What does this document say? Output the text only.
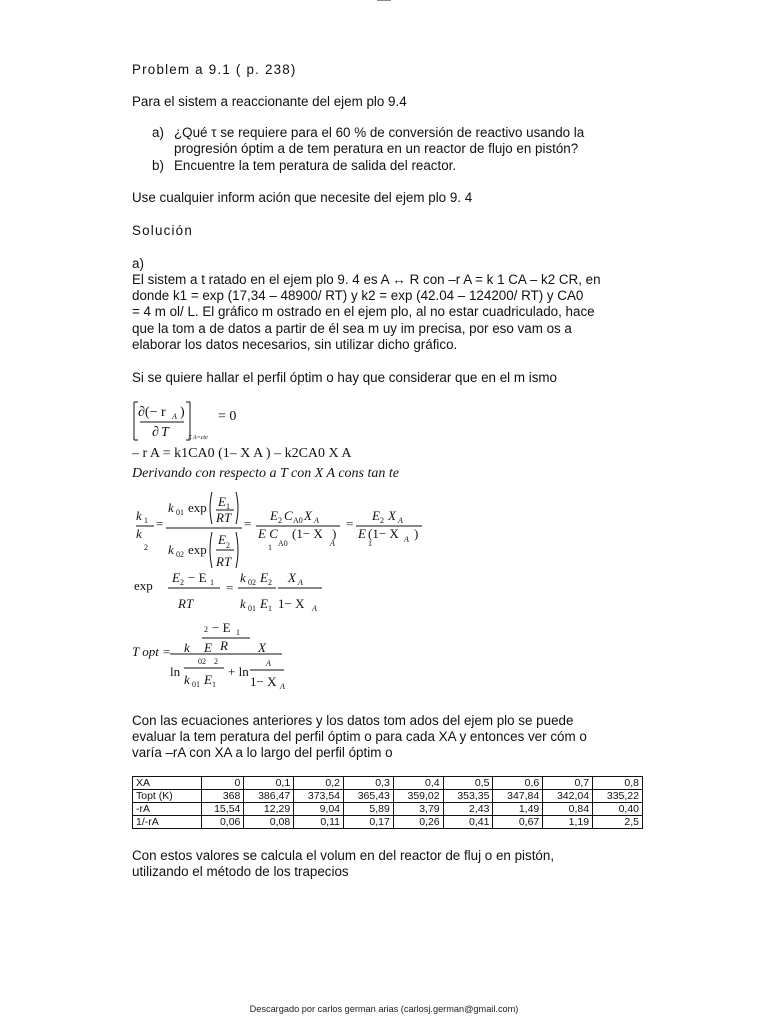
Problem a 9.1 ( p. 238)
Para el sistem a reaccionante del ejem plo 9.4
a) ¿Qué τ se requiere para el 60 % de conversión de reactivo usando la
progresión óptim a de tem peratura en un reactor de flujo en pistón?
b) Encuentre la tem peratura de salida del reactor.
Use cualquier inform ación que necesite del ejem plo 9. 4
Solución
a)
El sistem a t ratado en el ejem plo 9. 4 es A ↔ R con –r A = k 1 CA – k2 CR, en
donde k1 = exp (17,34 – 48900/ RT) y k2 = exp (42.04 – 124200/ RT) y CA0
= 4 m ol/ L. El gráfico m ostrado en el ejem plo, al no estar cuadriculado, hace
que la tom a de datos a partir de él sea m uy im precisa, por eso vam os a
elaborar los datos necesarios, sin utilizar dicho gráfico.
Si se quiere hallar el perfil óptim o hay que considerar que en el m ismo
∂(− r A )
∂ T	X A=cte
= 0
– r A = k1CA0 (1– X A ) – k2CA0 X A
Derivando con respecto a T con X A cons tan te
k 1
k
2
=
k 01 exp E 1
RT
k 02 exp
E 2
RT
=
E 2 C A0 X A
E C
1 A0
(1− X
A
)
=
E 2 X A
E (1− X
1	A )
exp
E 2 − E 1
RT
=
k 02 E 2
k 01 E 1
X A
1− X A
T opt =
2 − E 1
R
k E	X
ln
02 2
k 01 E 1
+ ln
A
1− X A
Con las ecuaciones anteriores y los datos tom ados del ejem plo se puede
evaluar la tem peratura del perfil óptim o para cada XA y entonces ver cóm o
varía –rA con XA a lo largo del perfil óptim o
XA	0	0,1	0,2	0,3	0,4	0,5	0,6	0,7	0,8
Topt (K)	368	386,47	373,54	365,43	359,02	353,35	347,84	342,04	335,22
-rA	15,54	12,29	9,04	5,89	3,79	2,43	1,49	0,84	0,40
1/-rA	0,06	0,08	0,11	0,17	0,26	0,41	0,67	1,19	2,5
Con estos valores se calcula el volum en del reactor de fluj o en pistón,
utilizando el método de los trapecios
Descargado por carlos german arias (carlosj.german@gmail.com)
